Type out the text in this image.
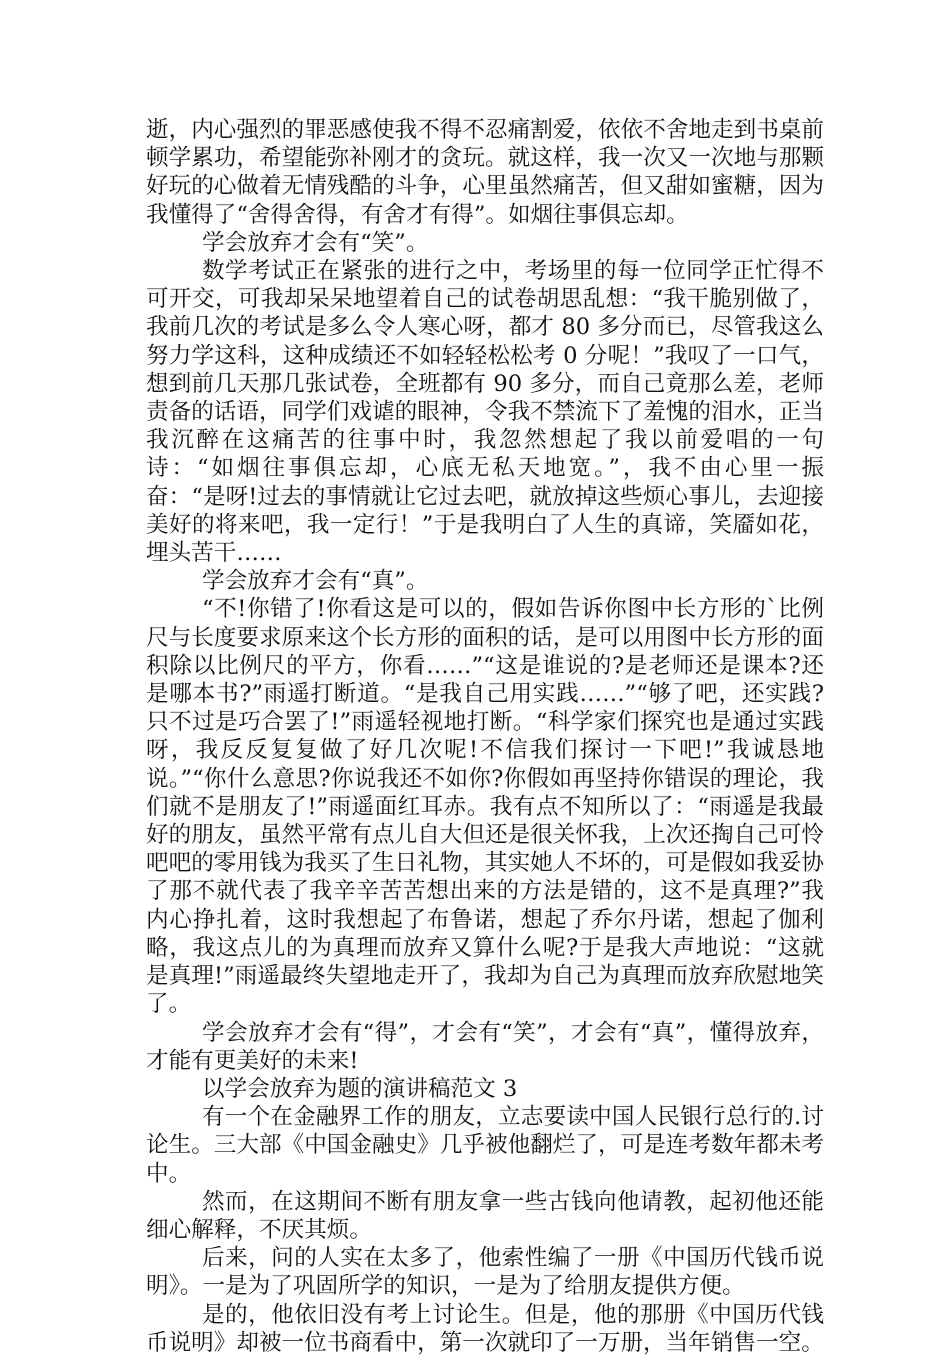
逝，内心强烈的罪恶感使我不得不忍痛割爱，依依不舍地走到书桌前顿学累功，希望能弥补刚才的贪玩。就这样，我一次又一次地与那颗好玩的心做着无情残酷的斗争，心里虽然痛苦，但又甜如蜜糖，因为我懂得了“舍得舍得，有舍才有得”。如烟往事俱忘却。

学会放弃才会有“笑”。

数学考试正在紧张的进行之中，考场里的每一位同学正忙得不可开交，可我却呆呆地望着自己的试卷胡思乱想：“我干脆别做了，我前几次的考试是多么令人寒心呀，都才 80 多分而已，尽管我这么努力学这科，这种成绩还不如轻轻松松考 0 分呢！”我叹了一口气，想到前几天那几张试卷，全班都有 90 多分，而自己竟那么差，老师责备的话语，同学们戏谑的眼神，令我不禁流下了羞愧的泪水，正当我沉醉在这痛苦的往事中时，我忽然想起了我以前爱唱的一句诗：“如烟往事俱忘却，心底无私天地宽。”，我不由心里一振奋：“是呀!过去的事情就让它过去吧，就放掉这些烦心事儿，去迎接美好的将来吧，我一定行！”于是我明白了人生的真谛，笑靥如花，埋头苦干……

学会放弃才会有“真”。

“不!你错了!你看这是可以的，假如告诉你图中长方形的`比例尺与长度要求原来这个长方形的面积的话，是可以用图中长方形的面积除以比例尺的平方，你看……”“这是谁说的?是老师还是课本?还是哪本书?”雨遥打断道。“是我自己用实践……”“够了吧，还实践?只不过是巧合罢了!”雨遥轻视地打断。“科学家们探究也是通过实践呀，我反反复复做了好几次呢!不信我们探讨一下吧!”我诚恳地说。”“你什么意思?你说我还不如你?你假如再坚持你错误的理论，我们就不是朋友了!”雨遥面红耳赤。我有点不知所以了：“雨遥是我最好的朋友，虽然平常有点儿自大但还是很关怀我，上次还掏自己可怜吧吧的零用钱为我买了生日礼物，其实她人不坏的，可是假如我妥协了那不就代表了我辛辛苦苦想出来的方法是错的，这不是真理?”我内心挣扎着，这时我想起了布鲁诺，想起了乔尔丹诺，想起了伽利略，我这点儿的为真理而放弃又算什么呢?于是我大声地说：“这就是真理!”雨遥最终失望地走开了，我却为自己为真理而放弃欣慰地笑了。

学会放弃才会有“得”，才会有“笑”，才会有“真”，懂得放弃，才能有更美好的未来!

以学会放弃为题的演讲稿范文 3

有一个在金融界工作的朋友，立志要读中国人民银行总行的.讨论生。三大部《中国金融史》几乎被他翻烂了，可是连考数年都未考中。

然而，在这期间不断有朋友拿一些古钱向他请教，起初他还能细心解释，不厌其烦。

后来，问的人实在太多了，他索性编了一册《中国历代钱币说明》。一是为了巩固所学的知识，一是为了给朋友提供方便。

是的，他依旧没有考上讨论生。但是，他的那册《中国历代钱币说明》却被一位书商看中，第一次就印了一万册，当年销售一空。
